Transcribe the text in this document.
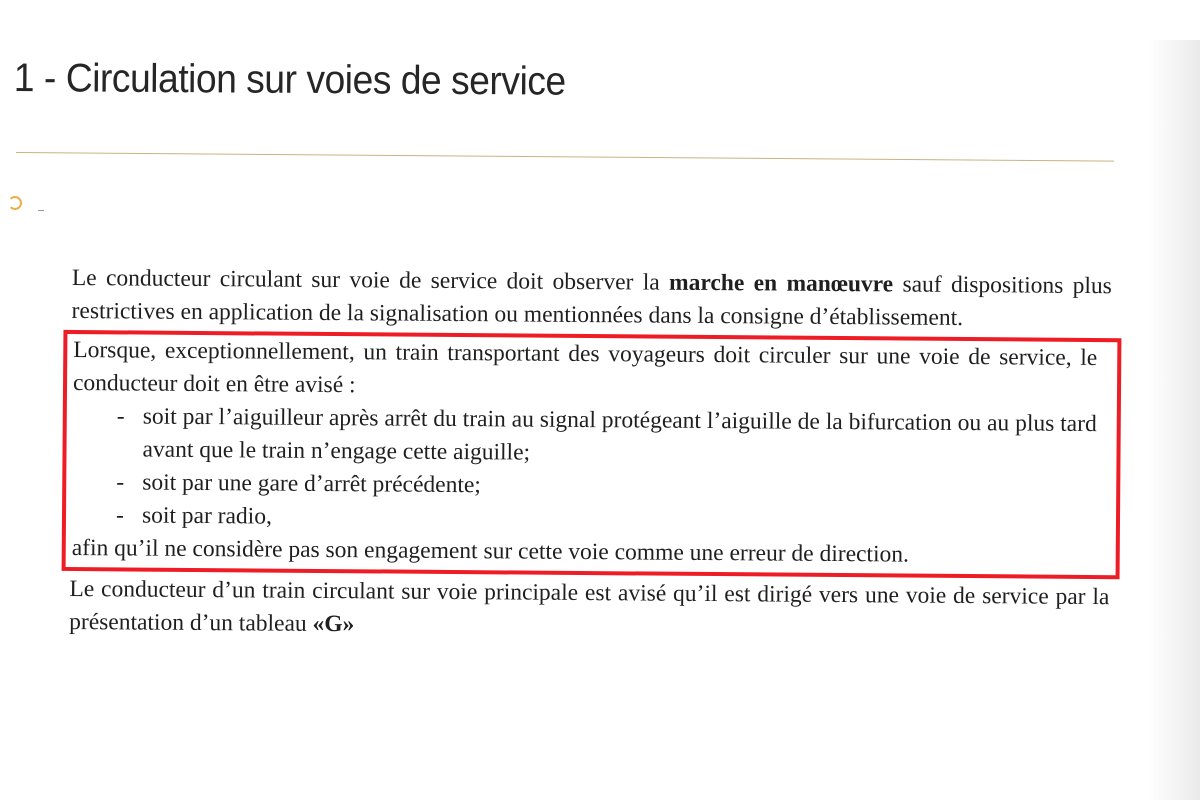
1 - Circulation sur voies de service

Le conducteur circulant sur voie de service doit observer la marche en manœuvre sauf dispositions plus restrictives en application de la signalisation ou mentionnées dans la consigne d’établissement.

Lorsque, exceptionnellement, un train transportant des voyageurs doit circuler sur une voie de service, le conducteur doit en être avisé :

- soit par l’aiguilleur après arrêt du train au signal protégeant l’aiguille de la bifurcation ou au plus tard avant que le train n’engage cette aiguille;
- soit par une gare d’arrêt précédente;
- soit par radio,

afin qu’il ne considère pas son engagement sur cette voie comme une erreur de direction.

Le conducteur d’un train circulant sur voie principale est avisé qu’il est dirigé vers une voie de service par la présentation d’un tableau «G»
